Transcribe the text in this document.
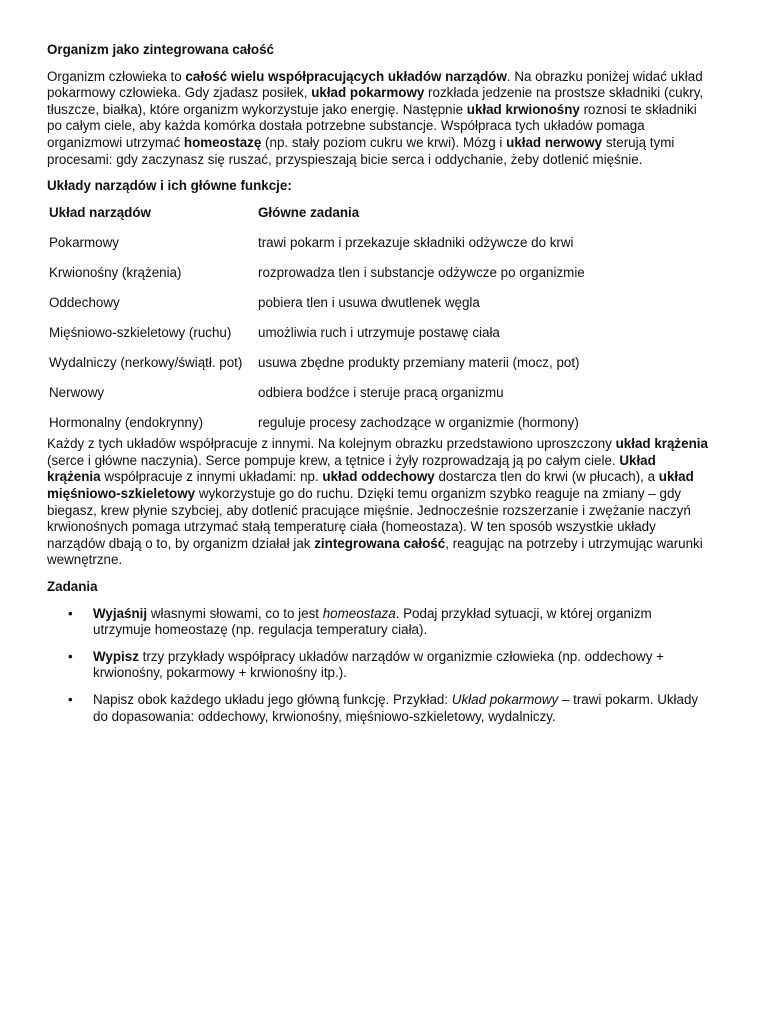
Organizm jako zintegrowana całość

Organizm człowieka to całość wielu współpracujących układów narządów. Na obrazku poniżej widać układ pokarmowy człowieka. Gdy zjadasz posiłek, układ pokarmowy rozkłada jedzenie na prostsze składniki (cukry, tłuszcze, białka), które organizm wykorzystuje jako energię. Następnie układ krwionośny roznosi te składniki po całym ciele, aby każda komórka dostała potrzebne substancje. Współpraca tych układów pomaga organizmowi utrzymać homeostazę (np. stały poziom cukru we krwi). Mózg i układ nerwowy sterują tymi procesami: gdy zaczynasz się ruszać, przyspieszają bicie serca i oddychanie, żeby dotlenić mięśnie.

Układy narządów i ich główne funkcje:
Układ narządów	Główne zadania
Pokarmowy	trawi pokarm i przekazuje składniki odżywcze do krwi
Krwionośny (krążenia)	rozprowadza tlen i substancje odżywcze po organizmie
Oddechowy	pobiera tlen i usuwa dwutlenek węgla
Mięśniowo-szkieletowy (ruchu)	umożliwia ruch i utrzymuje postawę ciała
Wydalniczy (nerkowy/świątł. pot)	usuwa zbędne produkty przemiany materii (mocz, pot)
Nerwowy	odbiera bodźce i steruje pracą organizmu
Hormonalny (endokrynny)	reguluje procesy zachodzące w organizmie (hormony)

Każdy z tych układów współpracuje z innymi. Na kolejnym obrazku przedstawiono uproszczony układ krążenia (serce i główne naczynia). Serce pompuje krew, a tętnice i żyły rozprowadzają ją po całym ciele. Układ krążenia współpracuje z innymi układami: np. układ oddechowy dostarcza tlen do krwi (w płucach), a układ mięśniowo-szkieletowy wykorzystuje go do ruchu. Dzięki temu organizm szybko reaguje na zmiany – gdy biegasz, krew płynie szybciej, aby dotlenić pracujące mięśnie. Jednocześnie rozszerzanie i zwężanie naczyń krwionośnych pomaga utrzymać stałą temperaturę ciała (homeostaza). W ten sposób wszystkie układy narządów dbają o to, by organizm działał jak zintegrowana całość, reagując na potrzeby i utrzymując warunki wewnętrzne.

Zadania
• Wyjaśnij własnymi słowami, co to jest homeostaza. Podaj przykład sytuacji, w której organizm utrzymuje homeostazę (np. regulacja temperatury ciała).
• Wypisz trzy przykłady współpracy układów narządów w organizmie człowieka (np. oddechowy + krwionośny, pokarmowy + krwionośny itp.).
• Napisz obok każdego układu jego główną funkcję. Przykład: Układ pokarmowy – trawi pokarm. Układy do dopasowania: oddechowy, krwionośny, mięśniowo-szkieletowy, wydalniczy.
